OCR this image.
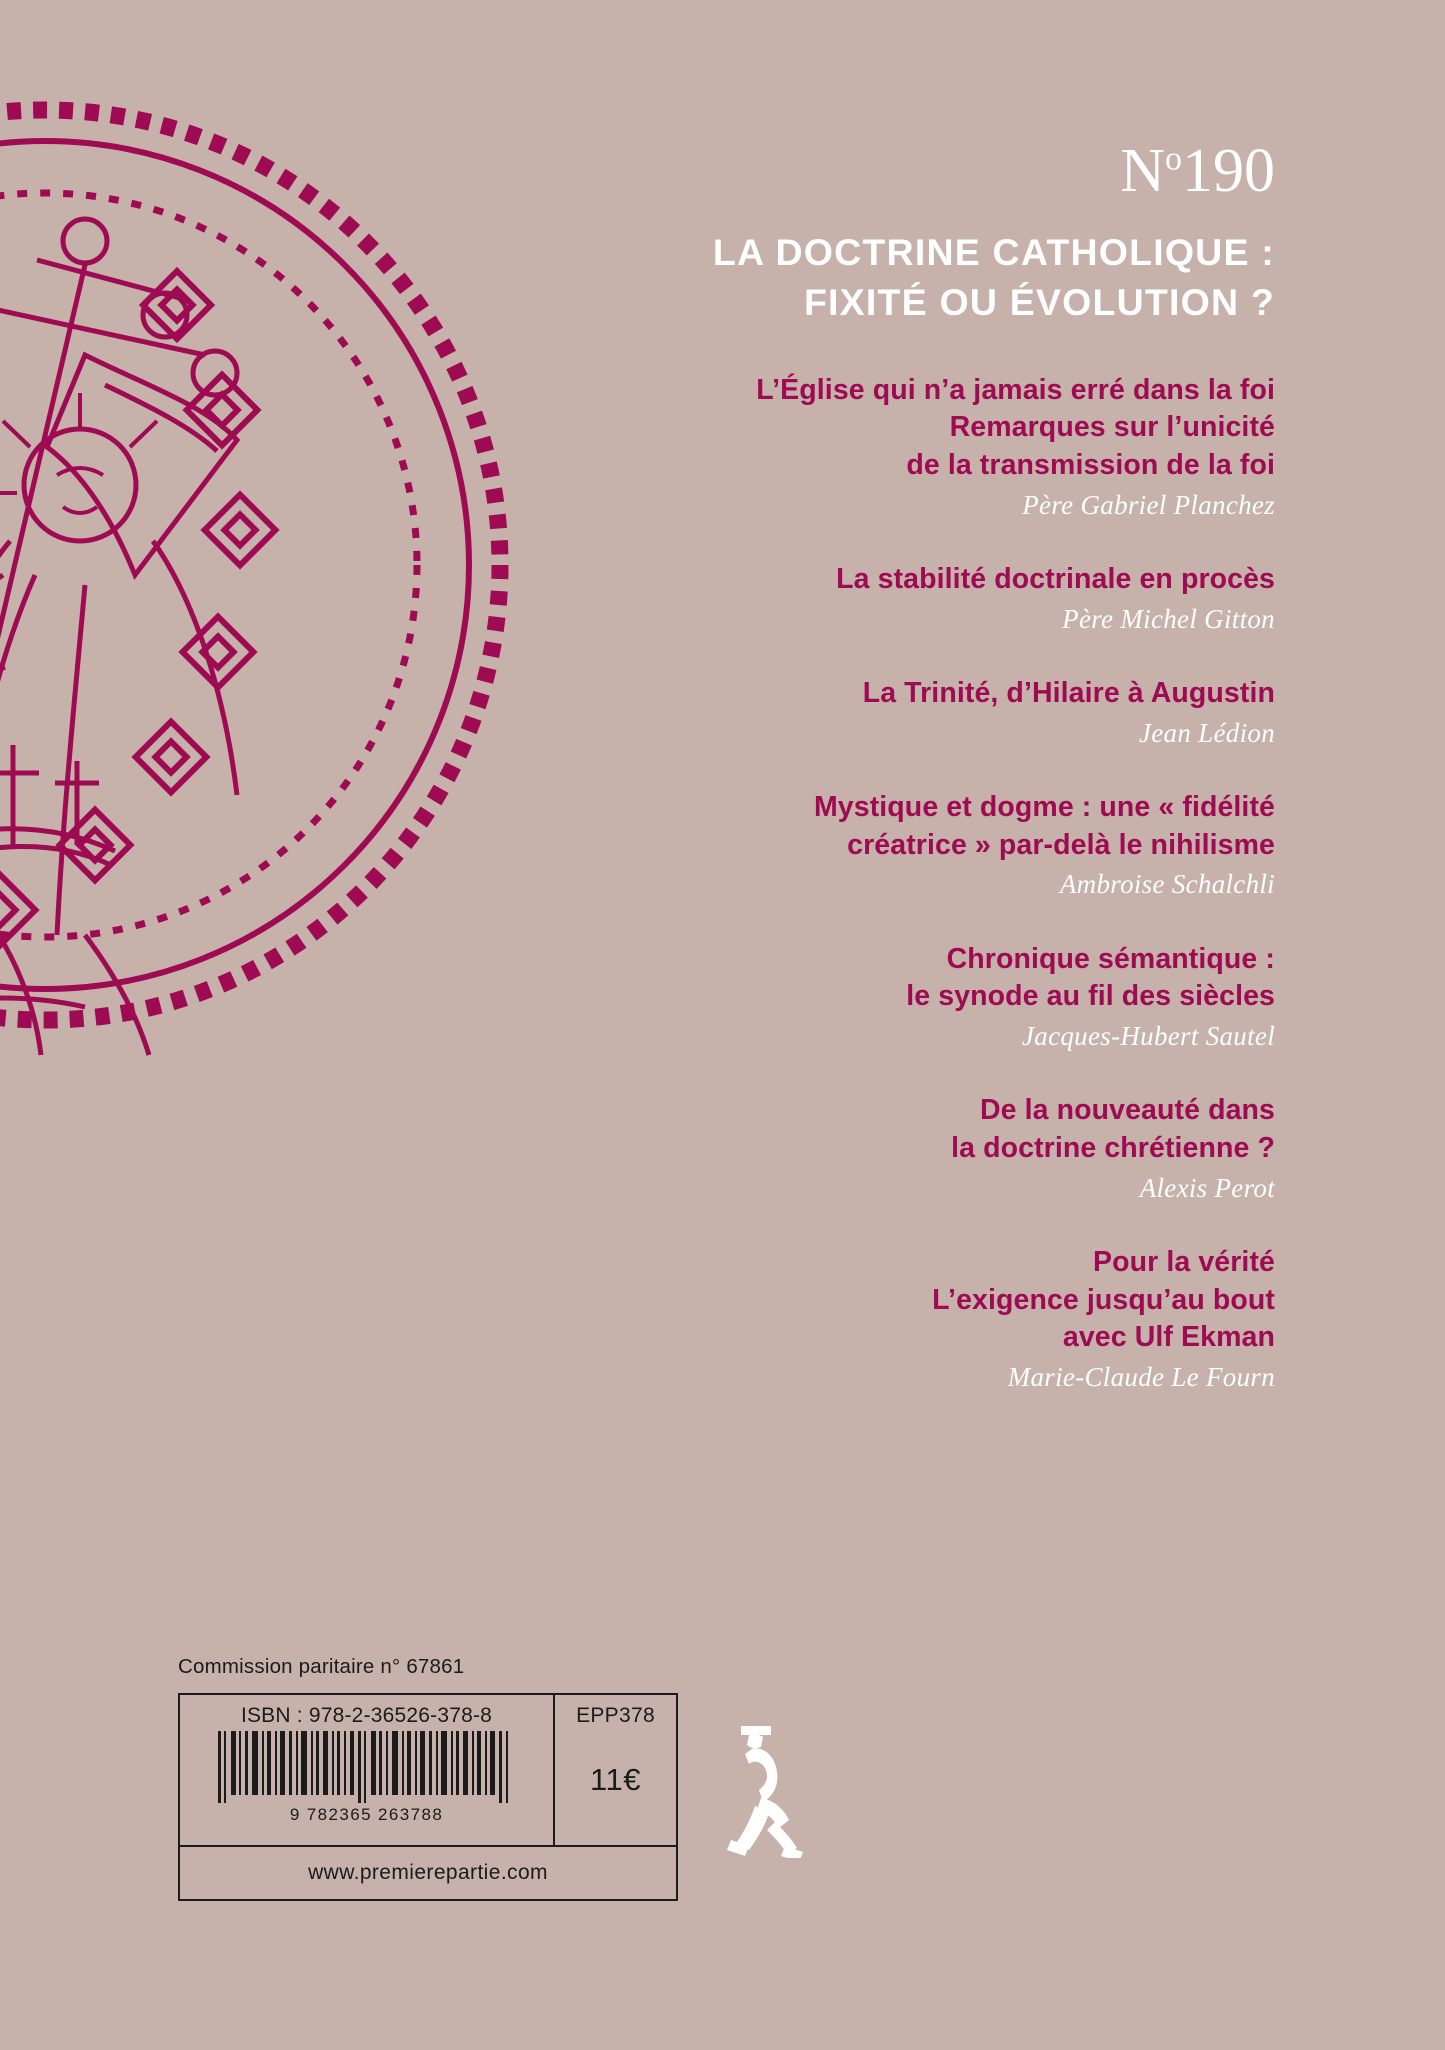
$N^o190$
LA DOCTRINE CATHOLIQUE :
FIXITÉ OU ÉVOLUTION ?
L’Église qui n’a jamais erré dans la foi
Remarques sur l’unicité
de la transmission de la foi
Père Gabriel Planchez
La stabilité doctrinale en procès
Père Michel Gitton
La Trinité, d’Hilaire à Augustin
Jean Lédion
Mystique et dogme : une « fidélité
créatrice » par-delà le nihilisme
Ambroise Schalchli
Chronique sémantique :
le synode au fil des siècles
Jacques-Hubert Sautel
De la nouveauté dans
la doctrine chrétienne ?
Alexis Perot
Pour la vérité
L’exigence jusqu’au bout
avec Ulf Ekman
Marie-Claude Le Fourn
Commission paritaire n° 67861
ISBN : 978-2-36526-378-8
9 782365 263788
EPP378
11€
www.premierepartie.com
